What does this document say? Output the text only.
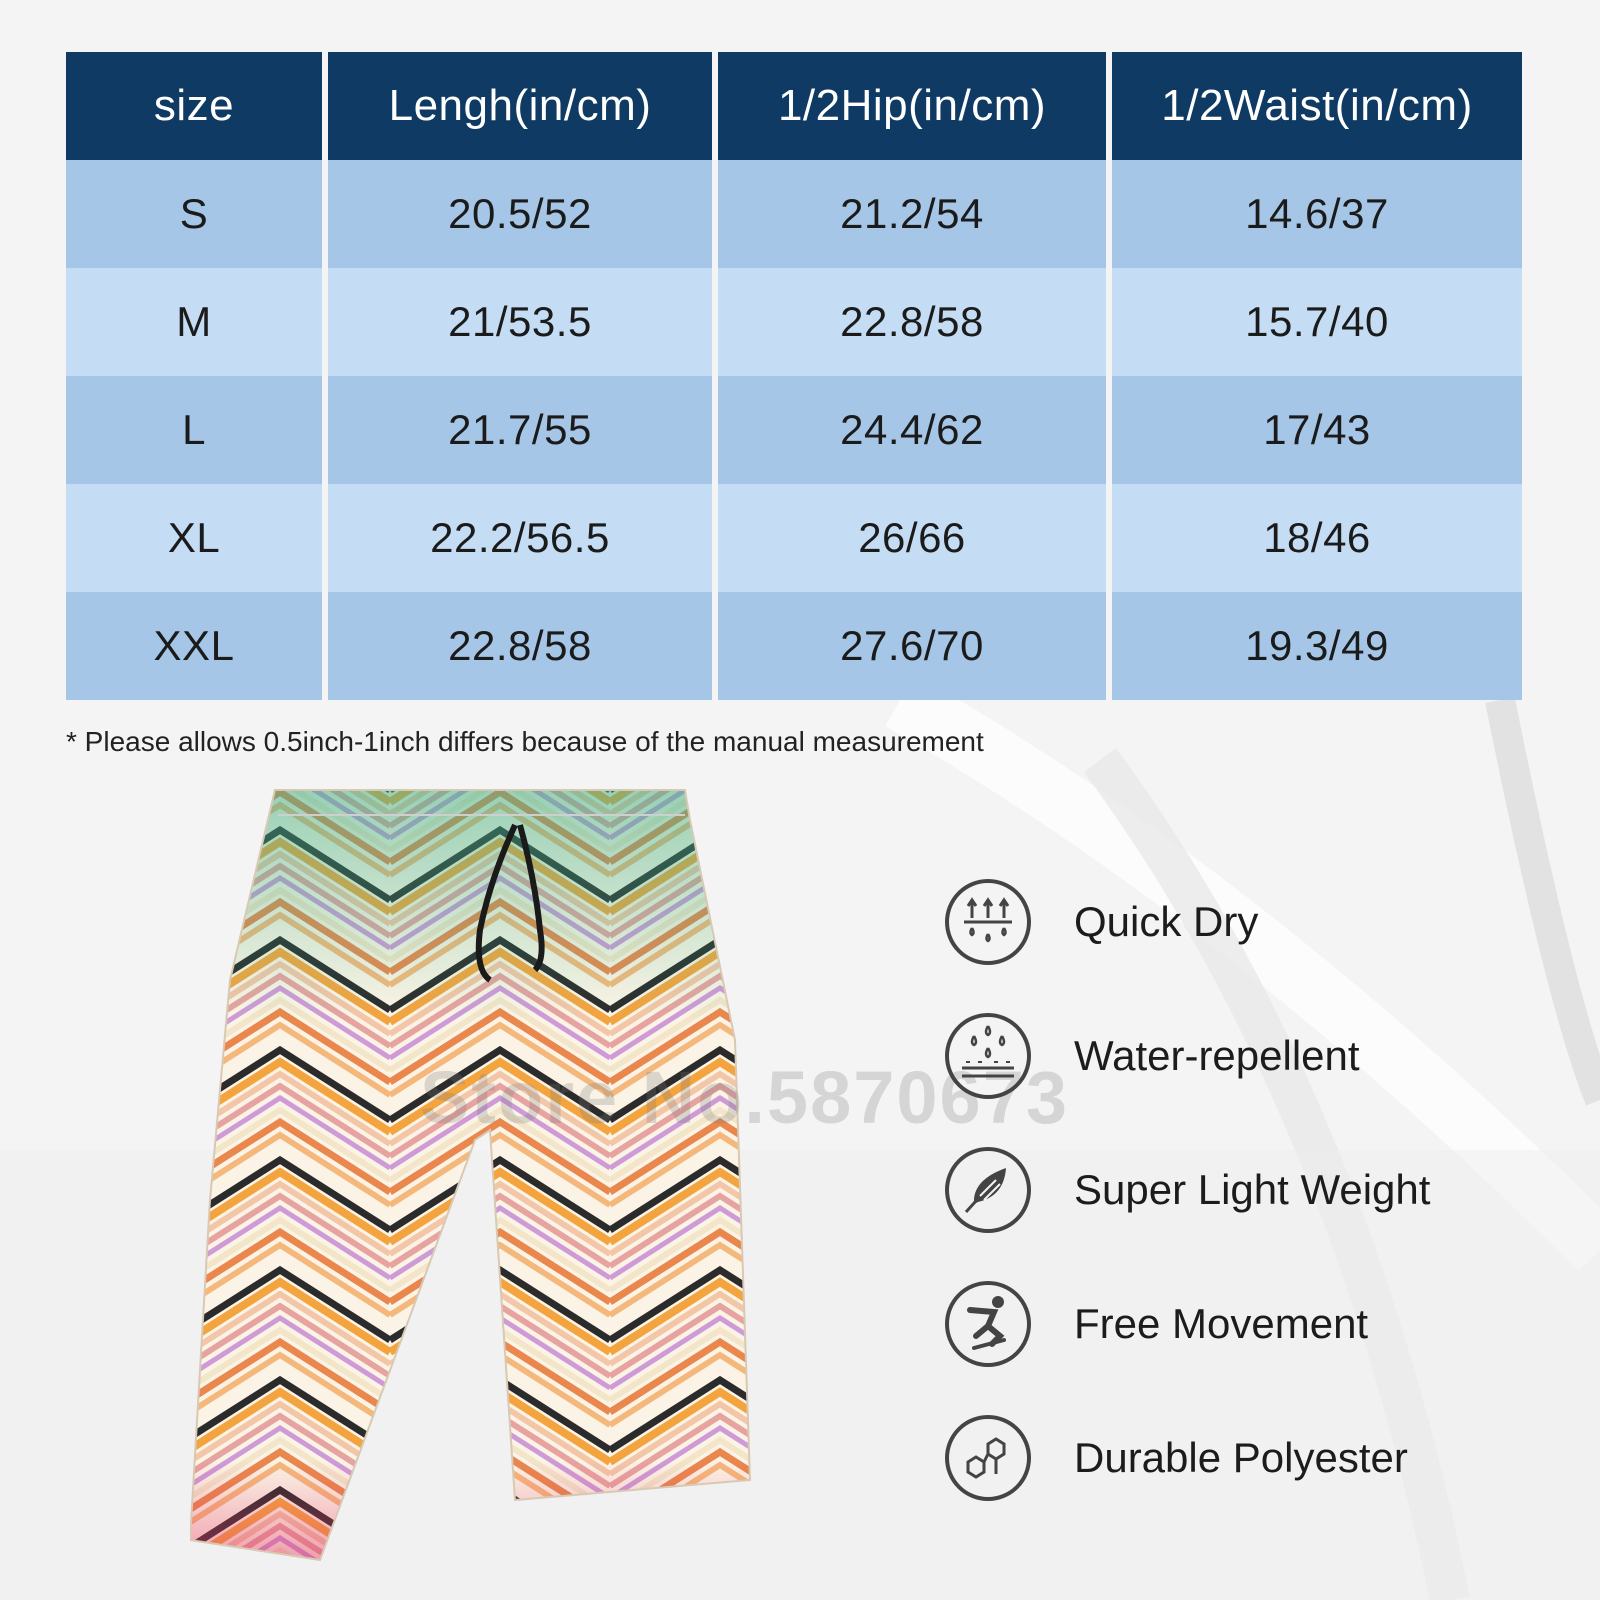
size	Lengh(in/cm)	1/2Hip(in/cm)	1/2Waist(in/cm)
S	20.5/52	21.2/54	14.6/37
M	21/53.5	22.8/58	15.7/40
L	21.7/55	24.4/62	17/43
XL	22.2/56.5	26/66	18/46
XXL	22.8/58	27.6/70	19.3/49
* Please allows 0.5inch-1inch differs because of the manual measurement
Store No.5870673
Quick Dry
Water-repellent
Super Light Weight
Free Movement
Durable Polyester
